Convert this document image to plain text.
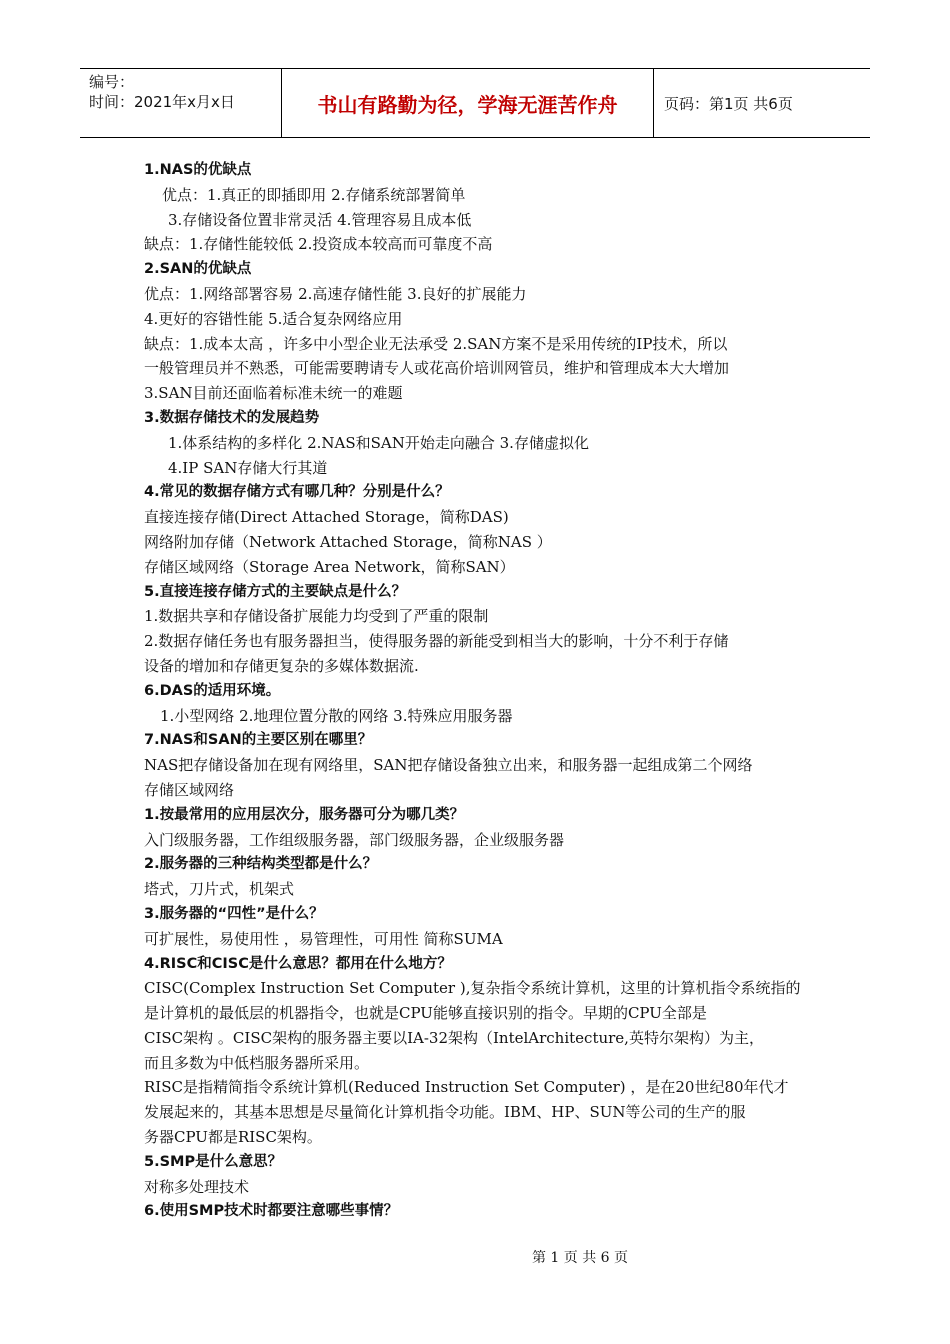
编号：
时间：2021年x月x日	书山有路勤为径，学海无涯苦作舟	页码：第1页 共6页
1.NAS的优缺点
优点：1.真正的即插即用 2.存储系统部署简单
3.存储设备位置非常灵活 4.管理容易且成本低
缺点：1.存储性能较低 2.投资成本较高而可靠度不高
2.SAN的优缺点
优点：1.网络部署容易 2.高速存储性能 3.良好的扩展能力
4.更好的容错性能 5.适合复杂网络应用
缺点：1.成本太高 ，许多中小型企业无法承受 2.SAN方案不是采用传统的IP技术，所以
一般管理员并不熟悉，可能需要聘请专人或花高价培训网管员，维护和管理成本大大增加
3.SAN目前还面临着标准未统一的难题
3.数据存储技术的发展趋势
1.体系结构的多样化 2.NAS和SAN开始走向融合 3.存储虚拟化
4.IP SAN存储大行其道
4.常见的数据存储方式有哪几种？分别是什么？
直接连接存储(Direct Attached Storage，简称DAS)
网络附加存储（Network Attached Storage，简称NAS ）
存储区域网络（Storage Area Network，简称SAN）
5.直接连接存储方式的主要缺点是什么？
1.数据共享和存储设备扩展能力均受到了严重的限制
2.数据存储任务也有服务器担当，使得服务器的新能受到相当大的影响，十分不利于存储
设备的增加和存储更复杂的多媒体数据流.
6.DAS的适用环境。
1.小型网络 2.地理位置分散的网络 3.特殊应用服务器
7.NAS和SAN的主要区别在哪里？
NAS把存储设备加在现有网络里，SAN把存储设备独立出来，和服务器一起组成第二个网络
存储区域网络
1.按最常用的应用层次分，服务器可分为哪几类？
入门级服务器，工作组级服务器，部门级服务器，企业级服务器
2.服务器的三种结构类型都是什么？
塔式，刀片式，机架式
3.服务器的“四性”是什么？
可扩展性，易使用性 ，易管理性，可用性 简称SUMA
4.RISC和CISC是什么意思？都用在什么地方？
CISC(Complex Instruction Set Computer ),复杂指令系统计算机，这里的计算机指令系统指的
是计算机的最低层的机器指令，也就是CPU能够直接识别的指令。早期的CPU全部是
CISC架构 。CISC架构的服务器主要以IA-32架构（IntelArchitecture,英特尔架构）为主，
而且多数为中低档服务器所采用。
RISC是指精简指令系统计算机(Reduced Instruction Set Computer) ，是在20世纪80年代才
发展起来的，其基本思想是尽量简化计算机指令功能。IBM、HP、SUN等公司的生产的服
务器CPU都是RISC架构。
5.SMP是什么意思？
对称多处理技术
6.使用SMP技术时都要注意哪些事情？
第 1 页 共 6 页
